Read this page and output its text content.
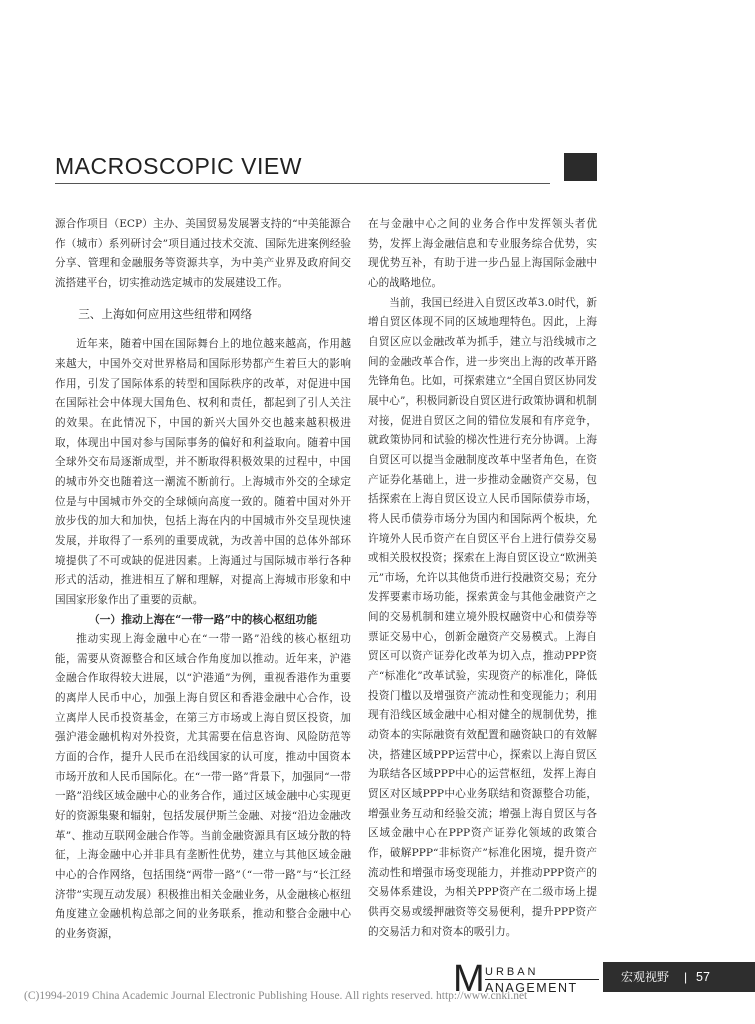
MACROSCOPIC VIEW

源合作项目（ECP）主办、美国贸易发展署支持的“中美能源合作（城市）系列研讨会”项目通过技术交流、国际先进案例经验分享、管理和金融服务等资源共享，为中美产业界及政府间交流搭建平台，切实推动选定城市的发展建设工作。

三、上海如何应用这些纽带和网络

近年来，随着中国在国际舞台上的地位越来越高，作用越来越大，中国外交对世界格局和国际形势都产生着巨大的影响作用，引发了国际体系的转型和国际秩序的改革，对促进中国在国际社会中体现大国角色、权利和责任，都起到了引人关注的效果。在此情况下，中国的新兴大国外交也越来越积极进取，体现出中国对参与国际事务的偏好和利益取向。随着中国全球外交布局逐渐成型，并不断取得积极效果的过程中，中国的城市外交也随着这一潮流不断前行。上海城市外交的全球定位是与中国城市外交的全球倾向高度一致的。随着中国对外开放步伐的加大和加快，包括上海在内的中国城市外交呈现快速发展，并取得了一系列的重要成就，为改善中国的总体外部环境提供了不可或缺的促进因素。上海通过与国际城市举行各种形式的活动，推进相互了解和理解，对提高上海城市形象和中国国家形象作出了重要的贡献。

（一）推动上海在“一带一路”中的核心枢纽功能

推动实现上海金融中心在“一带一路”沿线的核心枢纽功能，需要从资源整合和区域合作角度加以推动。近年来，沪港金融合作取得较大进展，以“沪港通”为例，重视香港作为重要的离岸人民币中心，加强上海自贸区和香港金融中心合作，设立离岸人民币投资基金，在第三方市场或上海自贸区投资，加强沪港金融机构对外投资，尤其需要在信息咨询、风险防范等方面的合作，提升人民币在沿线国家的认可度，推动中国资本市场开放和人民币国际化。在“一带一路”背景下，加强同“一带一路”沿线区域金融中心的业务合作，通过区域金融中心实现更好的资源集聚和辐射，包括发展伊斯兰金融、对接“沿边金融改革”、推动互联网金融合作等。当前金融资源具有区域分散的特征，上海金融中心并非具有垄断性优势，建立与其他区域金融中心的合作网络，包括围绕“两带一路”（“一带一路”与“长江经济带”实现互动发展）积极推出相关金融业务，从金融核心枢纽角度建立金融机构总部之间的业务联系，推动和整合金融中心的业务资源，

在与金融中心之间的业务合作中发挥领头者优势，发挥上海金融信息和专业服务综合优势，实现优势互补，有助于进一步凸显上海国际金融中心的战略地位。

当前，我国已经进入自贸区改革3.0时代，新增自贸区体现不同的区域地理特色。因此，上海自贸区应以金融改革为抓手，建立与沿线城市之间的金融改革合作，进一步突出上海的改革开路先锋角色。比如，可探索建立“全国自贸区协同发展中心”，积极同新设自贸区进行政策协调和机制对接，促进自贸区之间的错位发展和有序竞争，就政策协同和试验的梯次性进行充分协调。上海自贸区可以提当金融制度改革中坚者角色，在资产证券化基础上，进一步推动金融资产交易，包括探索在上海自贸区设立人民币国际债券市场，将人民币债券市场分为国内和国际两个板块，允许境外人民币资产在自贸区平台上进行债券交易或相关股权投资；探索在上海自贸区设立“欧洲美元”市场，允许以其他货币进行投融资交易；充分发挥要素市场功能，探索黄金与其他金融资产之间的交易机制和建立境外股权融资中心和债券等票证交易中心，创新金融资产交易模式。上海自贸区可以资产证券化改革为切入点，推动PPP资产“标准化”改革试验，实现资产的标准化，降低投资门槛以及增强资产流动性和变现能力；利用现有沿线区域金融中心相对健全的规制优势，推动资本的实际融资有效配置和融资缺口的有效解决，搭建区域PPP运营中心，探索以上海自贸区为联结各区域PPP中心的运营枢纽，发挥上海自贸区对区域PPP中心业务联结和资源整合功能，增强业务互动和经验交流；增强上海自贸区与各区域金融中心在PPP资产证券化领域的政策合作，破解PPP“非标资产”标准化困境，提升资产流动性和增强市场变现能力，并推动PPP资产的交易体系建设，为相关PPP资产在二级市场上提供再交易或缓押融资等交易便利，提升PPP资产的交易活力和对资本的吸引力。

M URBAN
ANAGEMENT
宏观视野 | 57
(C)1994-2019 China Academic Journal Electronic Publishing House. All rights reserved. http://www.cnki.net
